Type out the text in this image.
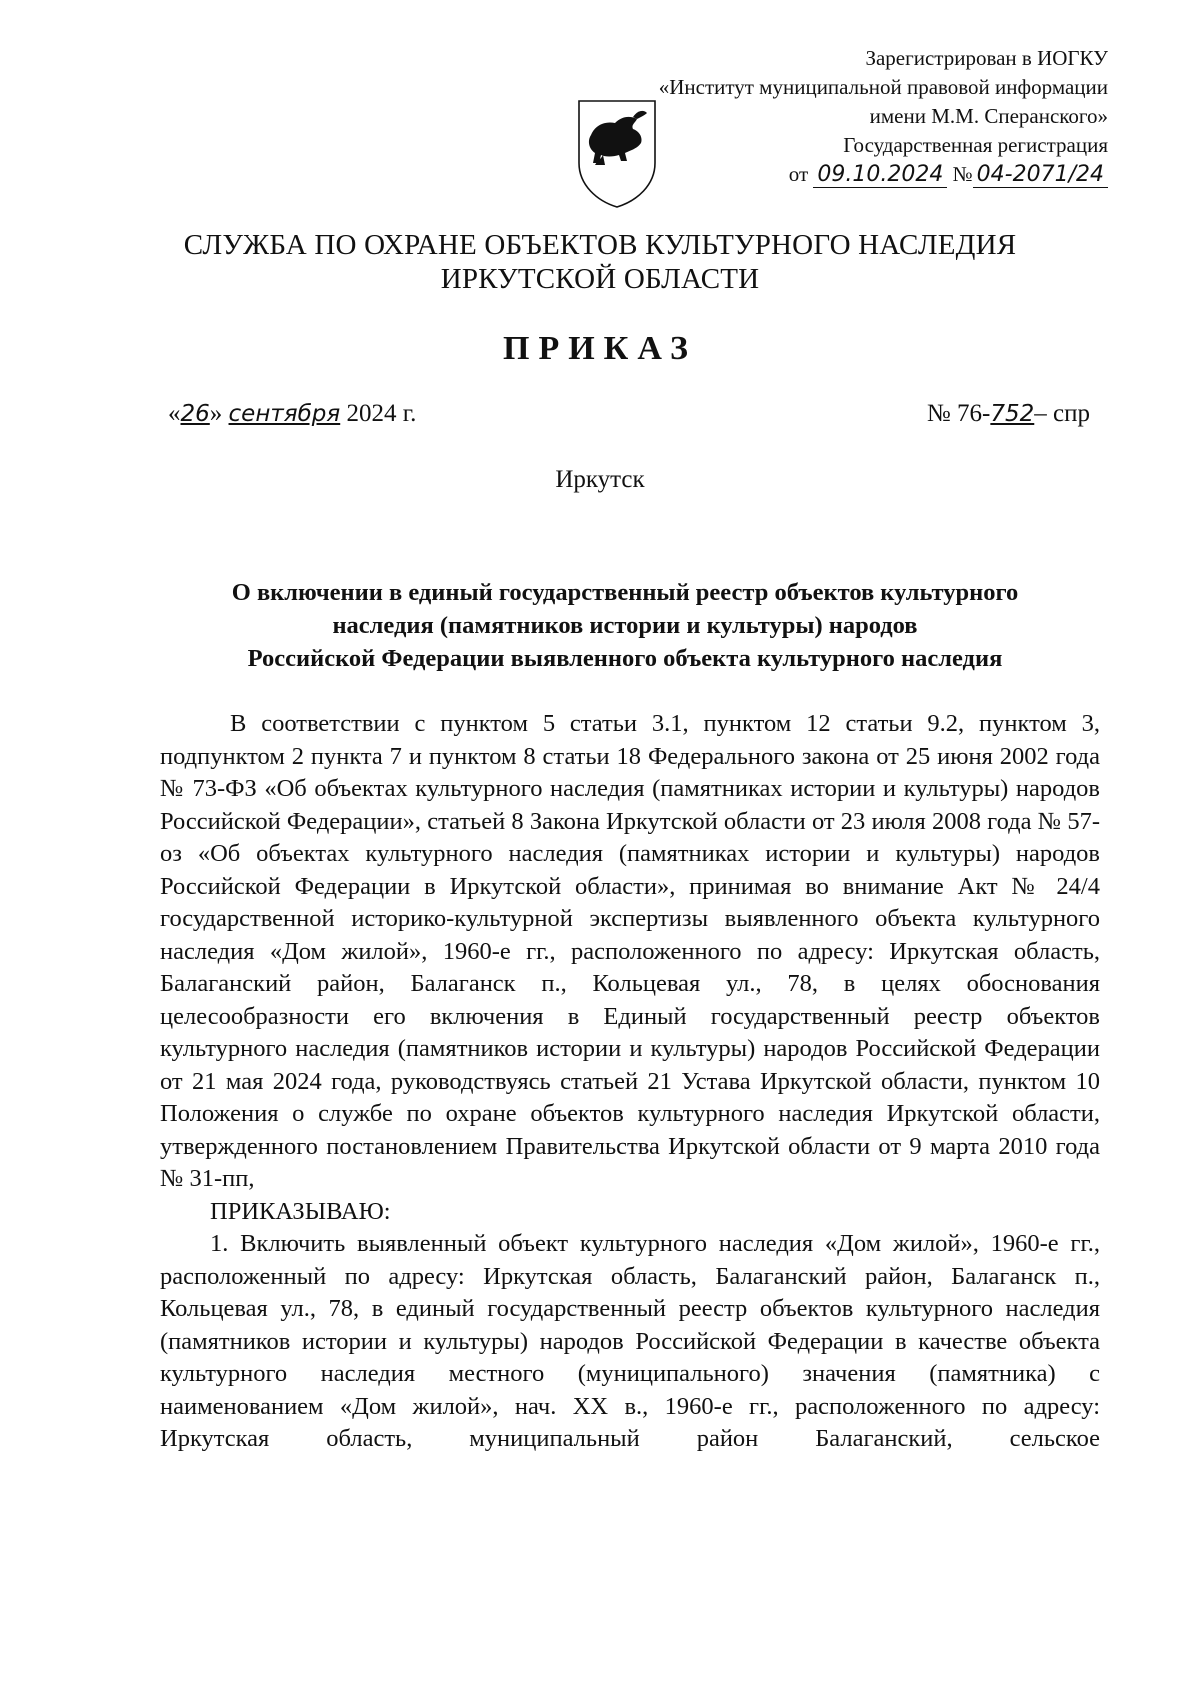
Зарегистрирован в ИОГКУ
«Институт муниципальной правовой информации
имени М.М. Сперанского»
Государственная регистрация
от 09.10.2024 № 04-2071/24
СЛУЖБА ПО ОХРАНЕ ОБЪЕКТОВ КУЛЬТУРНОГО НАСЛЕДИЯ
ИРКУТСКОЙ ОБЛАСТИ
ПРИКАЗ
«26» сентября 2024 г.	№ 76-752– спр
Иркутск
О включении в единый государственный реестр объектов культурного
наследия (памятников истории и культуры) народов
Российской Федерации выявленного объекта культурного наследия

В соответствии с пунктом 5 статьи 3.1, пунктом 12 статьи 9.2, пунктом 3, подпунктом 2 пункта 7 и пунктом 8 статьи 18 Федерального закона от 25 июня 2002 года № 73-ФЗ «Об объектах культурного наследия (памятниках истории и культуры) народов Российской Федерации», статьей 8 Закона Иркутской области от 23 июля 2008 года № 57-оз «Об объектах культурного наследия (памятниках истории и культуры) народов Российской Федерации в Иркутской области», принимая во внимание Акт № 24/4 государственной историко-культурной экспертизы выявленного объекта культурного наследия «Дом жилой», 1960-е гг., расположенного по адресу: Иркутская область, Балаганский район, Балаганск п., Кольцевая ул., 78, в целях обоснования целесообразности его включения в Единый государственный реестр объектов культурного наследия (памятников истории и культуры) народов Российской Федерации от 21 мая 2024 года, руководствуясь статьей 21 Устава Иркутской области, пунктом 10 Положения о службе по охране объектов культурного наследия Иркутской области, утвержденного постановлением Правительства Иркутской области от 9 марта 2010 года № 31-пп,

ПРИКАЗЫВАЮ:

1. Включить выявленный объект культурного наследия «Дом жилой», 1960-е гг., расположенный по адресу: Иркутская область, Балаганский район, Балаганск п., Кольцевая ул., 78, в единый государственный реестр объектов культурного наследия (памятников истории и культуры) народов Российской Федерации в качестве объекта культурного наследия местного (муниципального) значения (памятника) с наименованием «Дом жилой», нач. XX в., 1960-е гг., расположенного по адресу: Иркутская область, муниципальный район Балаганский, сельское
